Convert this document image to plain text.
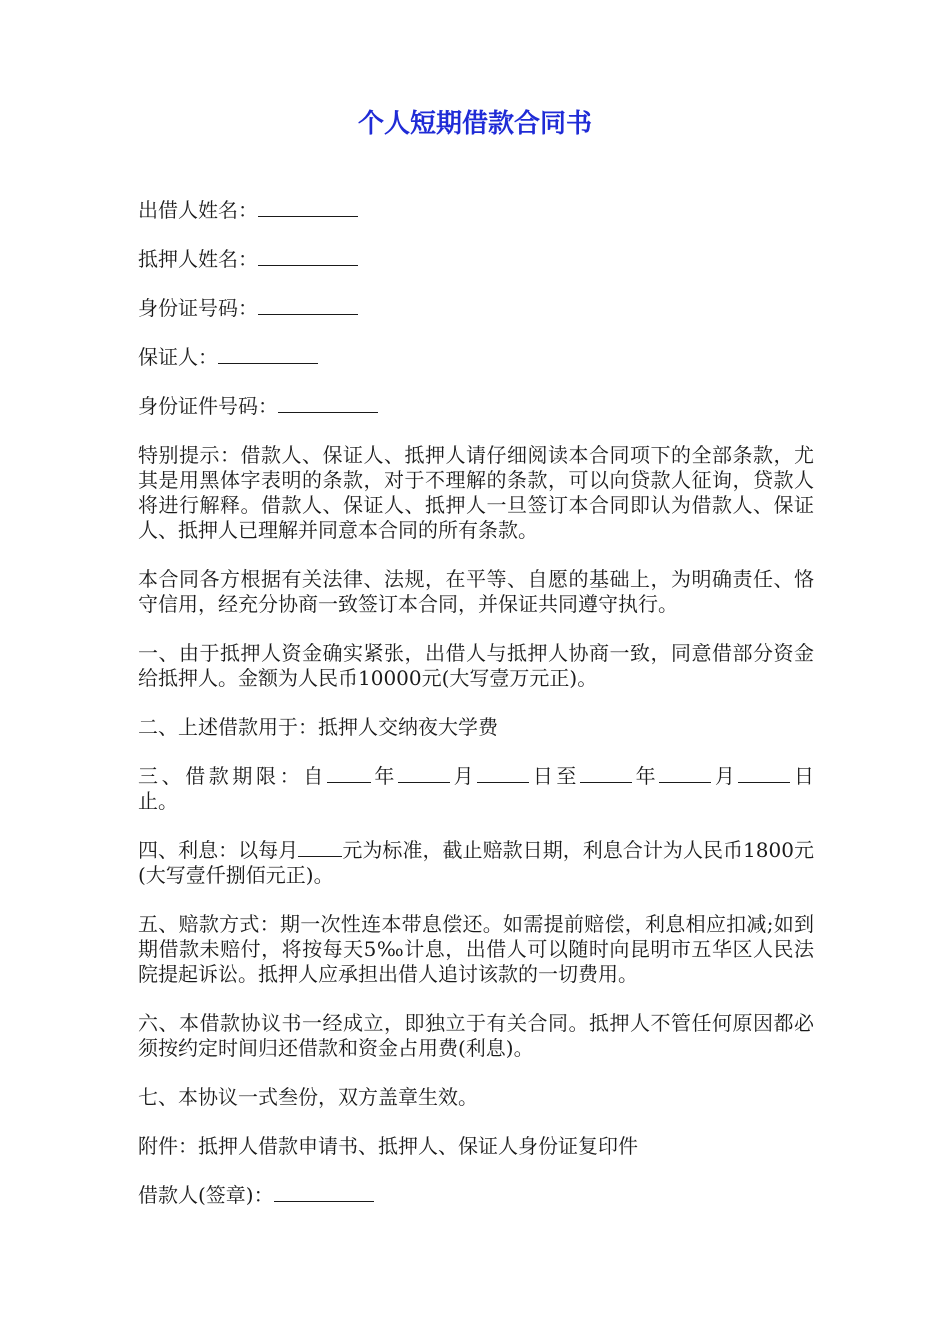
个人短期借款合同书
出借人姓名：
抵押人姓名：
身份证号码：
保证人：
身份证件号码：

特别提示：借款人、保证人、抵押人请仔细阅读本合同项下的全部条款，尤其是用黑体字表明的条款，对于不理解的条款，可以向贷款人征询，贷款人将进行解释。借款人、保证人、抵押人一旦签订本合同即认为借款人、保证人、抵押人已理解并同意本合同的所有条款。

本合同各方根据有关法律、法规，在平等、自愿的基础上，为明确责任、恪守信用，经充分协商一致签订本合同，并保证共同遵守执行。

一、由于抵押人资金确实紧张，出借人与抵押人协商一致，同意借部分资金给抵押人。金额为人民币10000元(大写壹万元正)。

二、上述借款用于：抵押人交纳夜大学费

三、借款期限：自 年	月	日至	年	月	日
止。

四、利息：以每月 元为标准，截止赔款日期，利息合计为人民币1800元(大写壹仟捌佰元正)。

五、赔款方式：期一次性连本带息偿还。如需提前赔偿，利息相应扣减;如到期借款未赔付，将按每天5‰计息，出借人可以随时向昆明市五华区人民法院提起诉讼。抵押人应承担出借人追讨该款的一切费用。

六、本借款协议书一经成立，即独立于有关合同。抵押人不管任何原因都必须按约定时间归还借款和资金占用费(利息)。

七、本协议一式叁份，双方盖章生效。

附件：抵押人借款申请书、抵押人、保证人身份证复印件

借款人(签章)：
